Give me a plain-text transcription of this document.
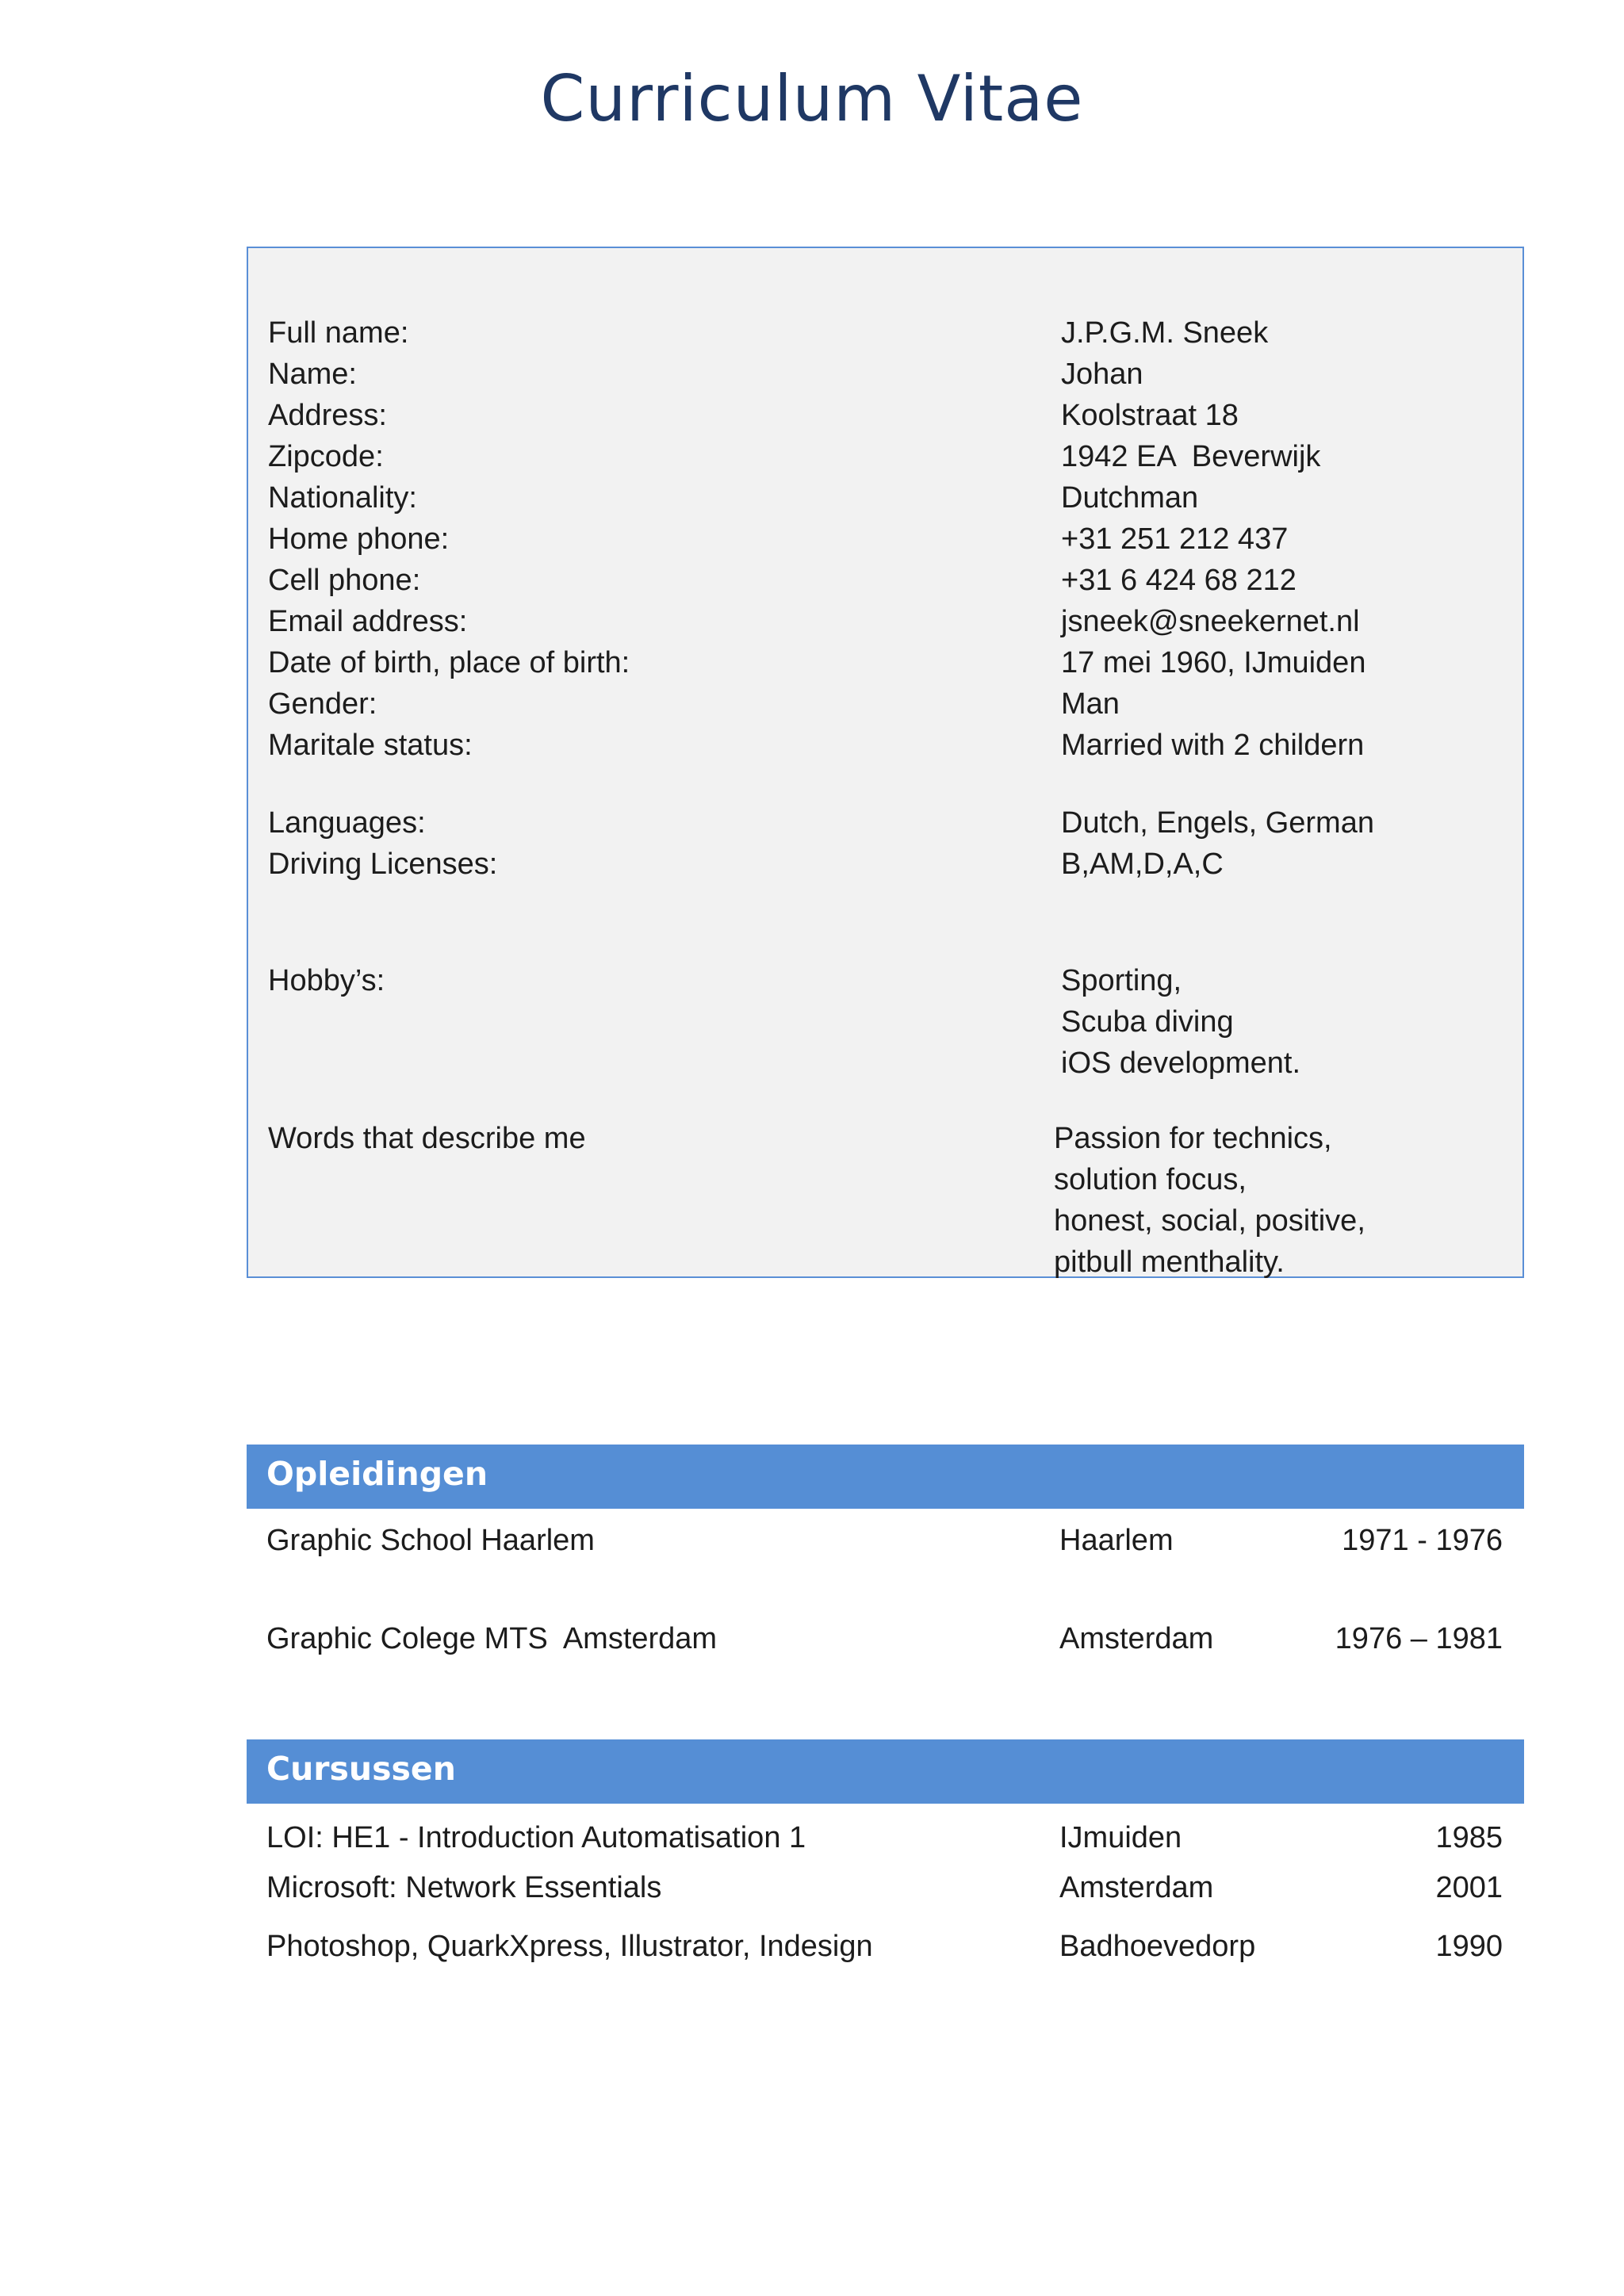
Curriculum Vitae
Full name:	J.P.G.M. Sneek
Name:	Johan
Address:	Koolstraat 18
Zipcode:	1942 EA  Beverwijk
Nationality:	Dutchman
Home phone:	+31 251 212 437
Cell phone:	+31 6 424 68 212
Email address:	jsneek@sneekernet.nl
Date of birth, place of birth:	17 mei 1960, IJmuiden
Gender:	Man
Maritale status:	Married with 2 childern
Languages:	Dutch, Engels, German
Driving Licenses:	B,AM,D,A,C
Hobby’s:	Sporting,
Scuba diving
iOS development.
Words that describe me	Passion for technics,
solution focus,
honest, social, positive,
pitbull menthality.
Opleidingen
Graphic School Haarlem	Haarlem	1971 - 1976
Graphic Colege MTS  Amsterdam	Amsterdam	1976 – 1981
Cursussen
LOI: HE1 - Introduction Automatisation 1	IJmuiden	1985
Microsoft: Network Essentials	Amsterdam	2001
Photoshop, QuarkXpress, Illustrator, Indesign	Badhoevedorp	1990
